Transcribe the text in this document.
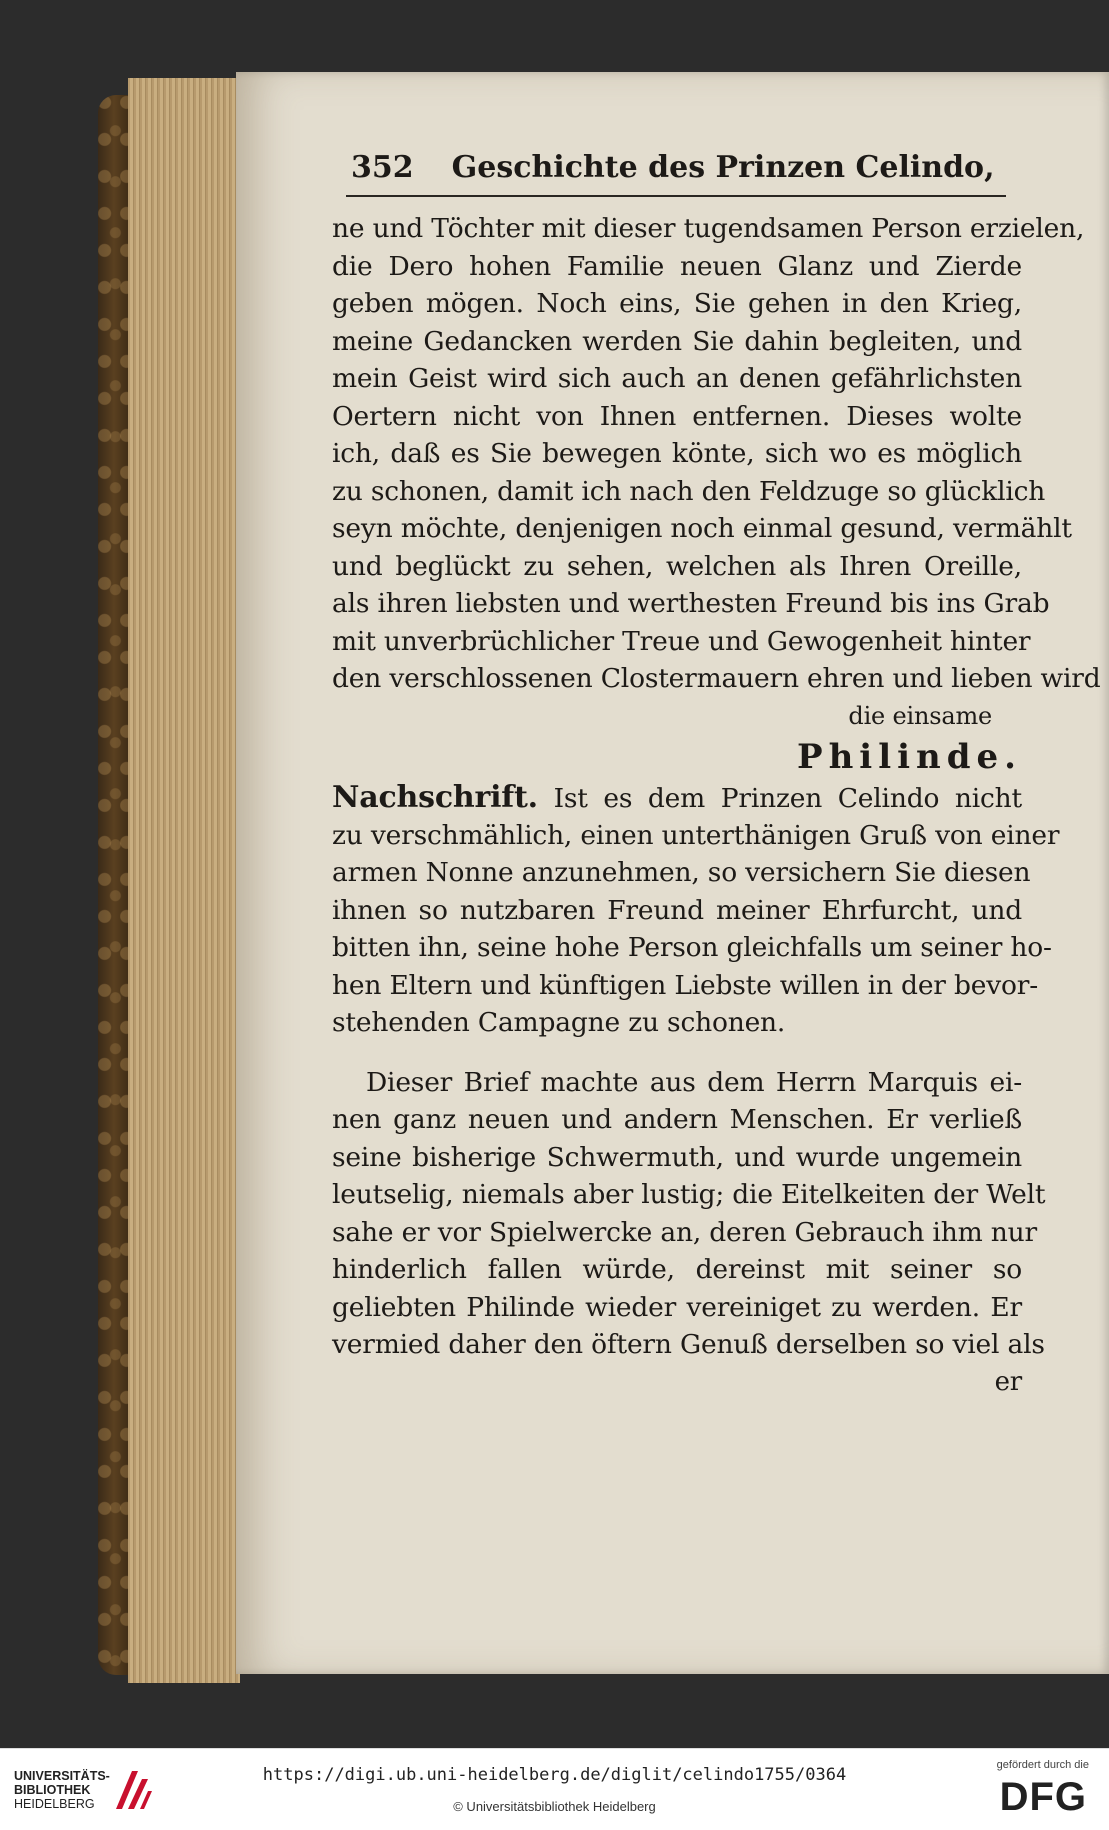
352 Geschichte des Prinzen Celindo,
ne und Töchter mit dieser tugendsamen Person erzielen,
die Dero hohen Familie neuen Glanz und Zierde
geben mögen. Noch eins, Sie gehen in den Krieg,
meine Gedancken werden Sie dahin begleiten, und
mein Geist wird sich auch an denen gefährlichsten
Oertern nicht von Ihnen entfernen. Dieses wolte
ich, daß es Sie bewegen könte, sich wo es möglich
zu schonen, damit ich nach den Feldzuge so glücklich
seyn möchte, denjenigen noch einmal gesund, vermählt
und beglückt zu sehen, welchen als Ihren Oreille,
als ihren liebsten und werthesten Freund bis ins Grab
mit unverbrüchlicher Treue und Gewogenheit hinter
den verschlossenen Clostermauern ehren und lieben wird
die einsame
Philinde.
Nachschrift. Ist es dem Prinzen Celindo nicht
zu verschmählich, einen unterthänigen Gruß von einer
armen Nonne anzunehmen, so versichern Sie diesen
ihnen so nutzbaren Freund meiner Ehrfurcht, und
bitten ihn, seine hohe Person gleichfalls um seiner ho-
hen Eltern und künftigen Liebste willen in der bevor-
stehenden Campagne zu schonen.
Dieser Brief machte aus dem Herrn Marquis ei-
nen ganz neuen und andern Menschen. Er verließ
seine bisherige Schwermuth, und wurde ungemein
leutselig, niemals aber lustig; die Eitelkeiten der Welt
sahe er vor Spielwercke an, deren Gebrauch ihm nur
hinderlich fallen würde, dereinst mit seiner so
geliebten Philinde wieder vereiniget zu werden. Er
vermied daher den öftern Genuß derselben so viel als
er
UNIVERSITÄTS-
BIBLIOTHEK
HEIDELBERG
https://digi.ub.uni-heidelberg.de/diglit/celindo1755/0364
© Universitätsbibliothek Heidelberg
gefördert durch die
DFG
